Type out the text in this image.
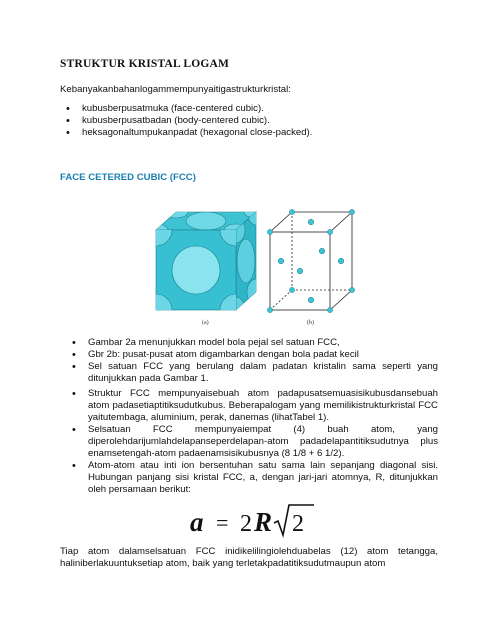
STRUKTUR KRISTAL LOGAM
Kebanyakanbahanlogammempunyaitigastrukturkristal:
• kubusberpusatmuka (face-centered cubic).
• kubusberpusatbadan (body-centered cubic).
• heksagonaltumpukanpadat (hexagonal close-packed).
FACE CETERED CUBIC (FCC)
(a)	(b)
• Gambar 2a menunjukkan model bola pejal sel satuan FCC,
• Gbr 2b: pusat-pusat atom digambarkan dengan bola padat kecil
• Sel satuan FCC yang berulang dalam padatan kristalin sama seperti yang ditunjukkan pada Gambar 1.
• Struktur FCC mempunyaisebuah atom padapusatsemuasisikubusdansebuah atom padasetiaptitiksudutkubus. Beberapalogam yang memilikistrukturkristal FCC yaitutembaga, aluminium, perak, danemas (lihatTabel 1).
• Selsatuan FCC mempunyaiempat (4) buah atom, yang diperolehdarijumlahdelapanseperdelapan-atom padadelapantitiksudutnya plus enamsetengah-atom padaenamsisikubusnya (8 1/8 + 6 1/2).
• Atom-atom atau inti ion bersentuhan satu sama lain sepanjang diagonal sisi. Hubungan panjang sisi kristal FCC, a, dengan jari-jari atomnya, R, ditunjukkan oleh persamaan berikut:
a = 2 R 2
Tiap atom dalamselsatuan FCC inidikelilingiolehduabelas (12) atom tetangga, haliniberlakuuntuksetiap atom, baik yang terletakpadatitiksudutmaupun atom
